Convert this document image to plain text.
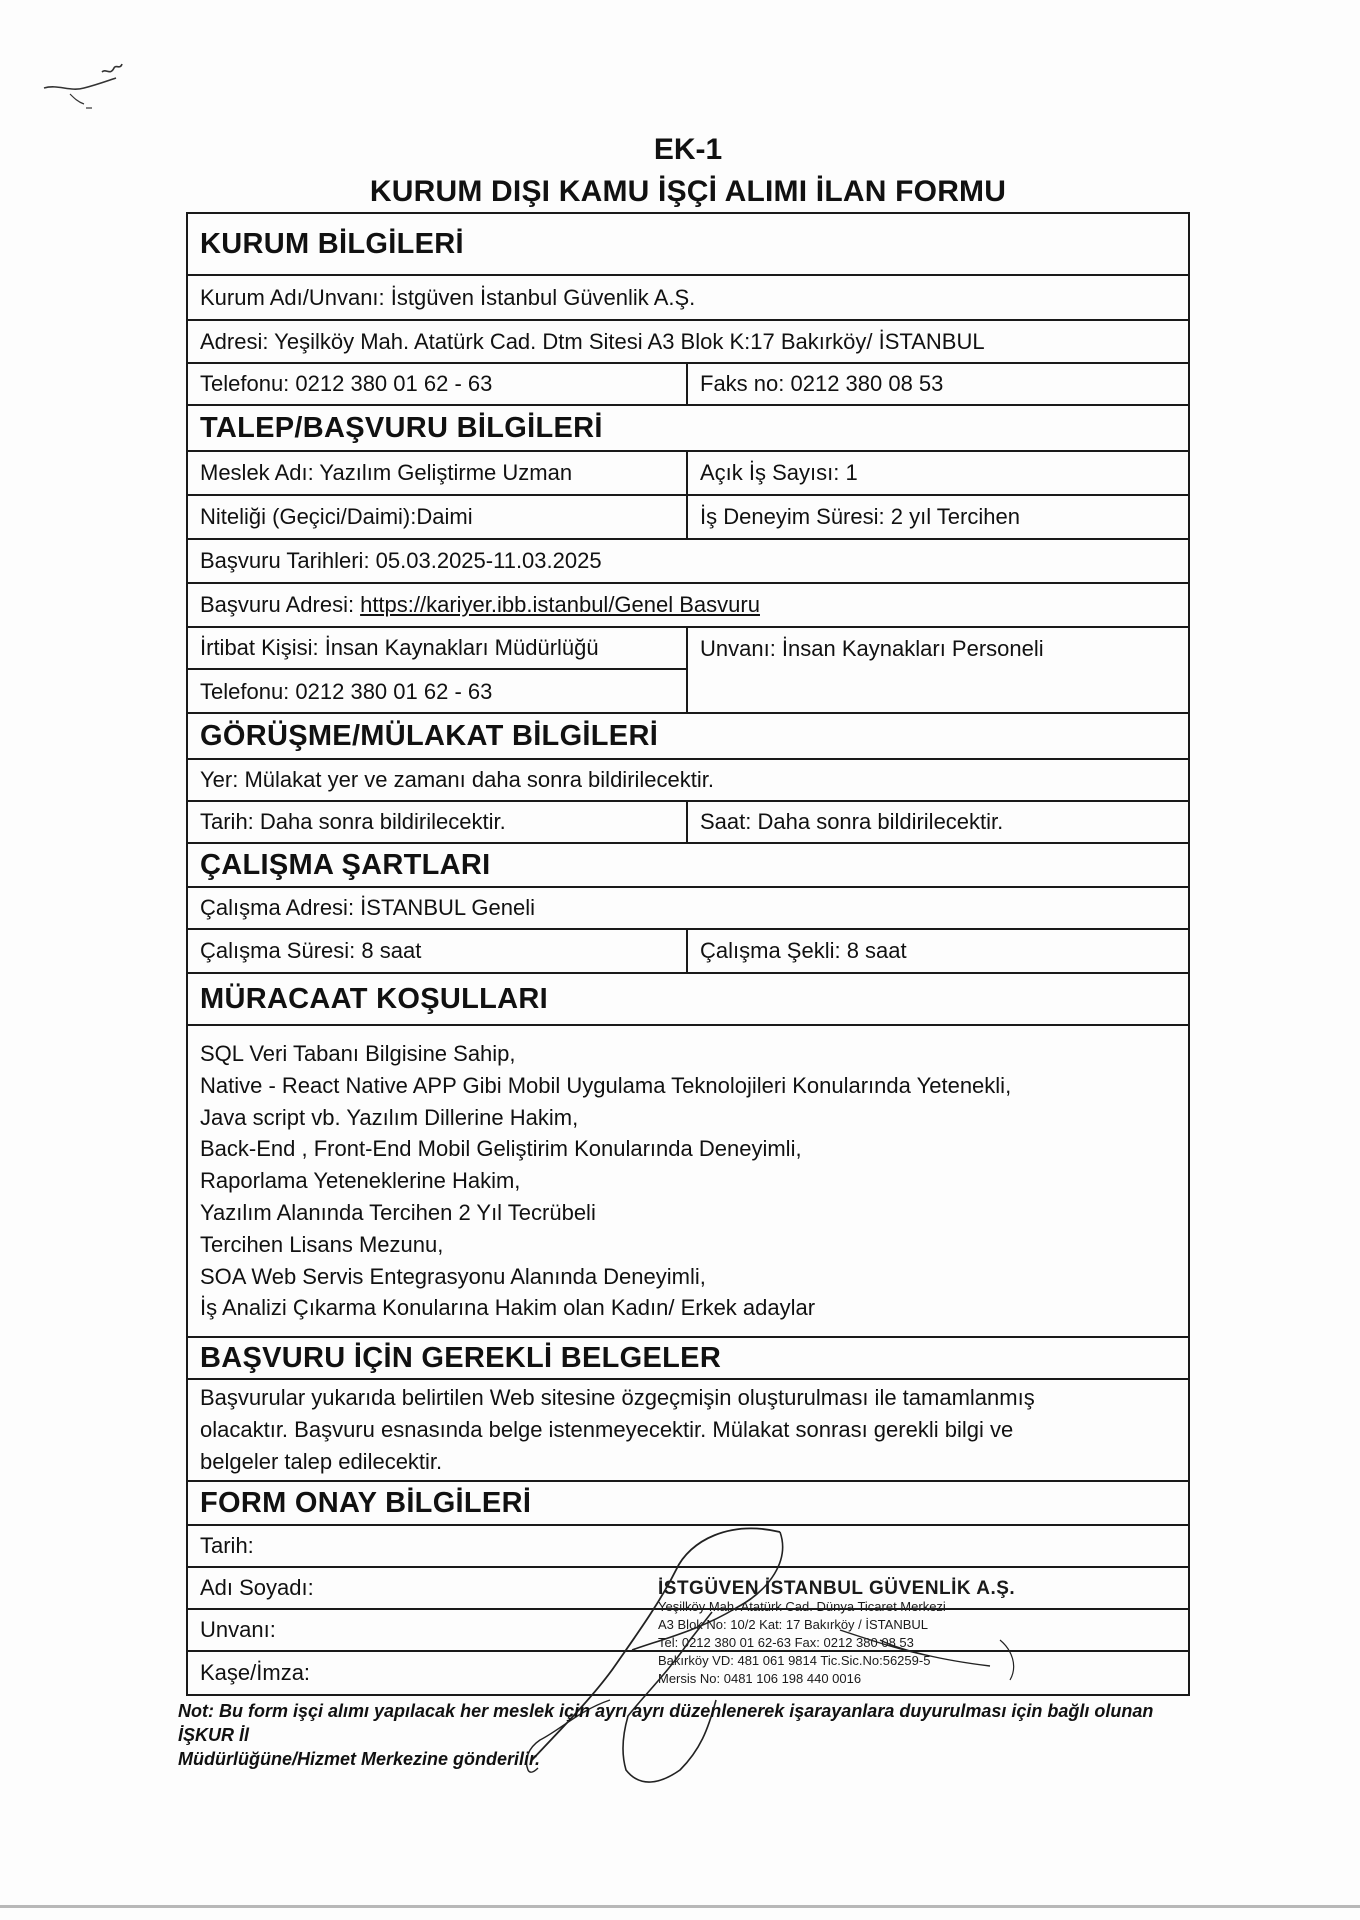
EK-1
KURUM DIŞI KAMU İŞÇİ ALIMI İLAN FORMU
KURUM BİLGİLERİ
Kurum Adı/Unvanı: İstgüven İstanbul Güvenlik A.Ş.
Adresi: Yeşilköy Mah. Atatürk Cad. Dtm Sitesi A3 Blok K:17 Bakırköy/ İSTANBUL
Telefonu: 0212 380 01 62 - 63	Faks no: 0212 380 08 53
TALEP/BAŞVURU BİLGİLERİ
Meslek Adı: Yazılım Geliştirme Uzman	Açık İş Sayısı: 1
Niteliği (Geçici/Daimi):Daimi	İş Deneyim Süresi: 2 yıl Tercihen
Başvuru Tarihleri: 05.03.2025-11.03.2025
Başvuru Adresi: https://kariyer.ibb.istanbul/Genel Basvuru
Unvanı: İnsan Kaynakları Personeli
İrtibat Kişisi: İnsan Kaynakları Müdürlüğü
Telefonu: 0212 380 01 62 - 63
GÖRÜŞME/MÜLAKAT BİLGİLERİ
Yer: Mülakat yer ve zamanı daha sonra bildirilecektir.
Tarih: Daha sonra bildirilecektir.	Saat: Daha sonra bildirilecektir.
ÇALIŞMA ŞARTLARI
Çalışma Adresi: İSTANBUL Geneli
Çalışma Süresi: 8 saat	Çalışma Şekli: 8 saat
MÜRACAAT KOŞULLARI
SQL Veri Tabanı Bilgisine Sahip,
Native - React Native APP Gibi Mobil Uygulama Teknolojileri Konularında Yetenekli,
Java script vb. Yazılım Dillerine Hakim,
Back-End , Front-End Mobil Geliştirim Konularında Deneyimli,
Raporlama Yeteneklerine Hakim,
Yazılım Alanında Tercihen 2 Yıl Tecrübeli
Tercihen Lisans Mezunu,
SOA Web Servis Entegrasyonu Alanında Deneyimli,
İş Analizi Çıkarma Konularına Hakim olan Kadın/ Erkek adaylar
BAŞVURU İÇİN GEREKLİ BELGELER
Başvurular yukarıda belirtilen Web sitesine özgeçmişin oluşturulması ile tamamlanmış
olacaktır. Başvuru esnasında belge istenmeyecektir. Mülakat sonrası gerekli bilgi ve
belgeler talep edilecektir.
FORM ONAY BİLGİLERİ
Tarih:
Adı Soyadı:
Unvanı:
Kaşe/İmza:
İSTGÜVEN İSTANBUL GÜVENLİK A.Ş.
Yeşilköy Mah. Atatürk Cad. Dünya Ticaret Merkezi
A3 Blok No: 10/2 Kat: 17 Bakırköy / İSTANBUL
Tel: 0212 380 01 62-63 Fax: 0212 380 08 53
Bakırköy VD: 481 061 9814 Tic.Sic.No:56259-5
Mersis No: 0481 106 198 440 0016
Not: Bu form işçi alımı yapılacak her meslek için ayrı ayrı düzenlenerek işarayanlara duyurulması için bağlı olunan İŞKUR İl
Müdürlüğüne/Hizmet Merkezine gönderilir.
